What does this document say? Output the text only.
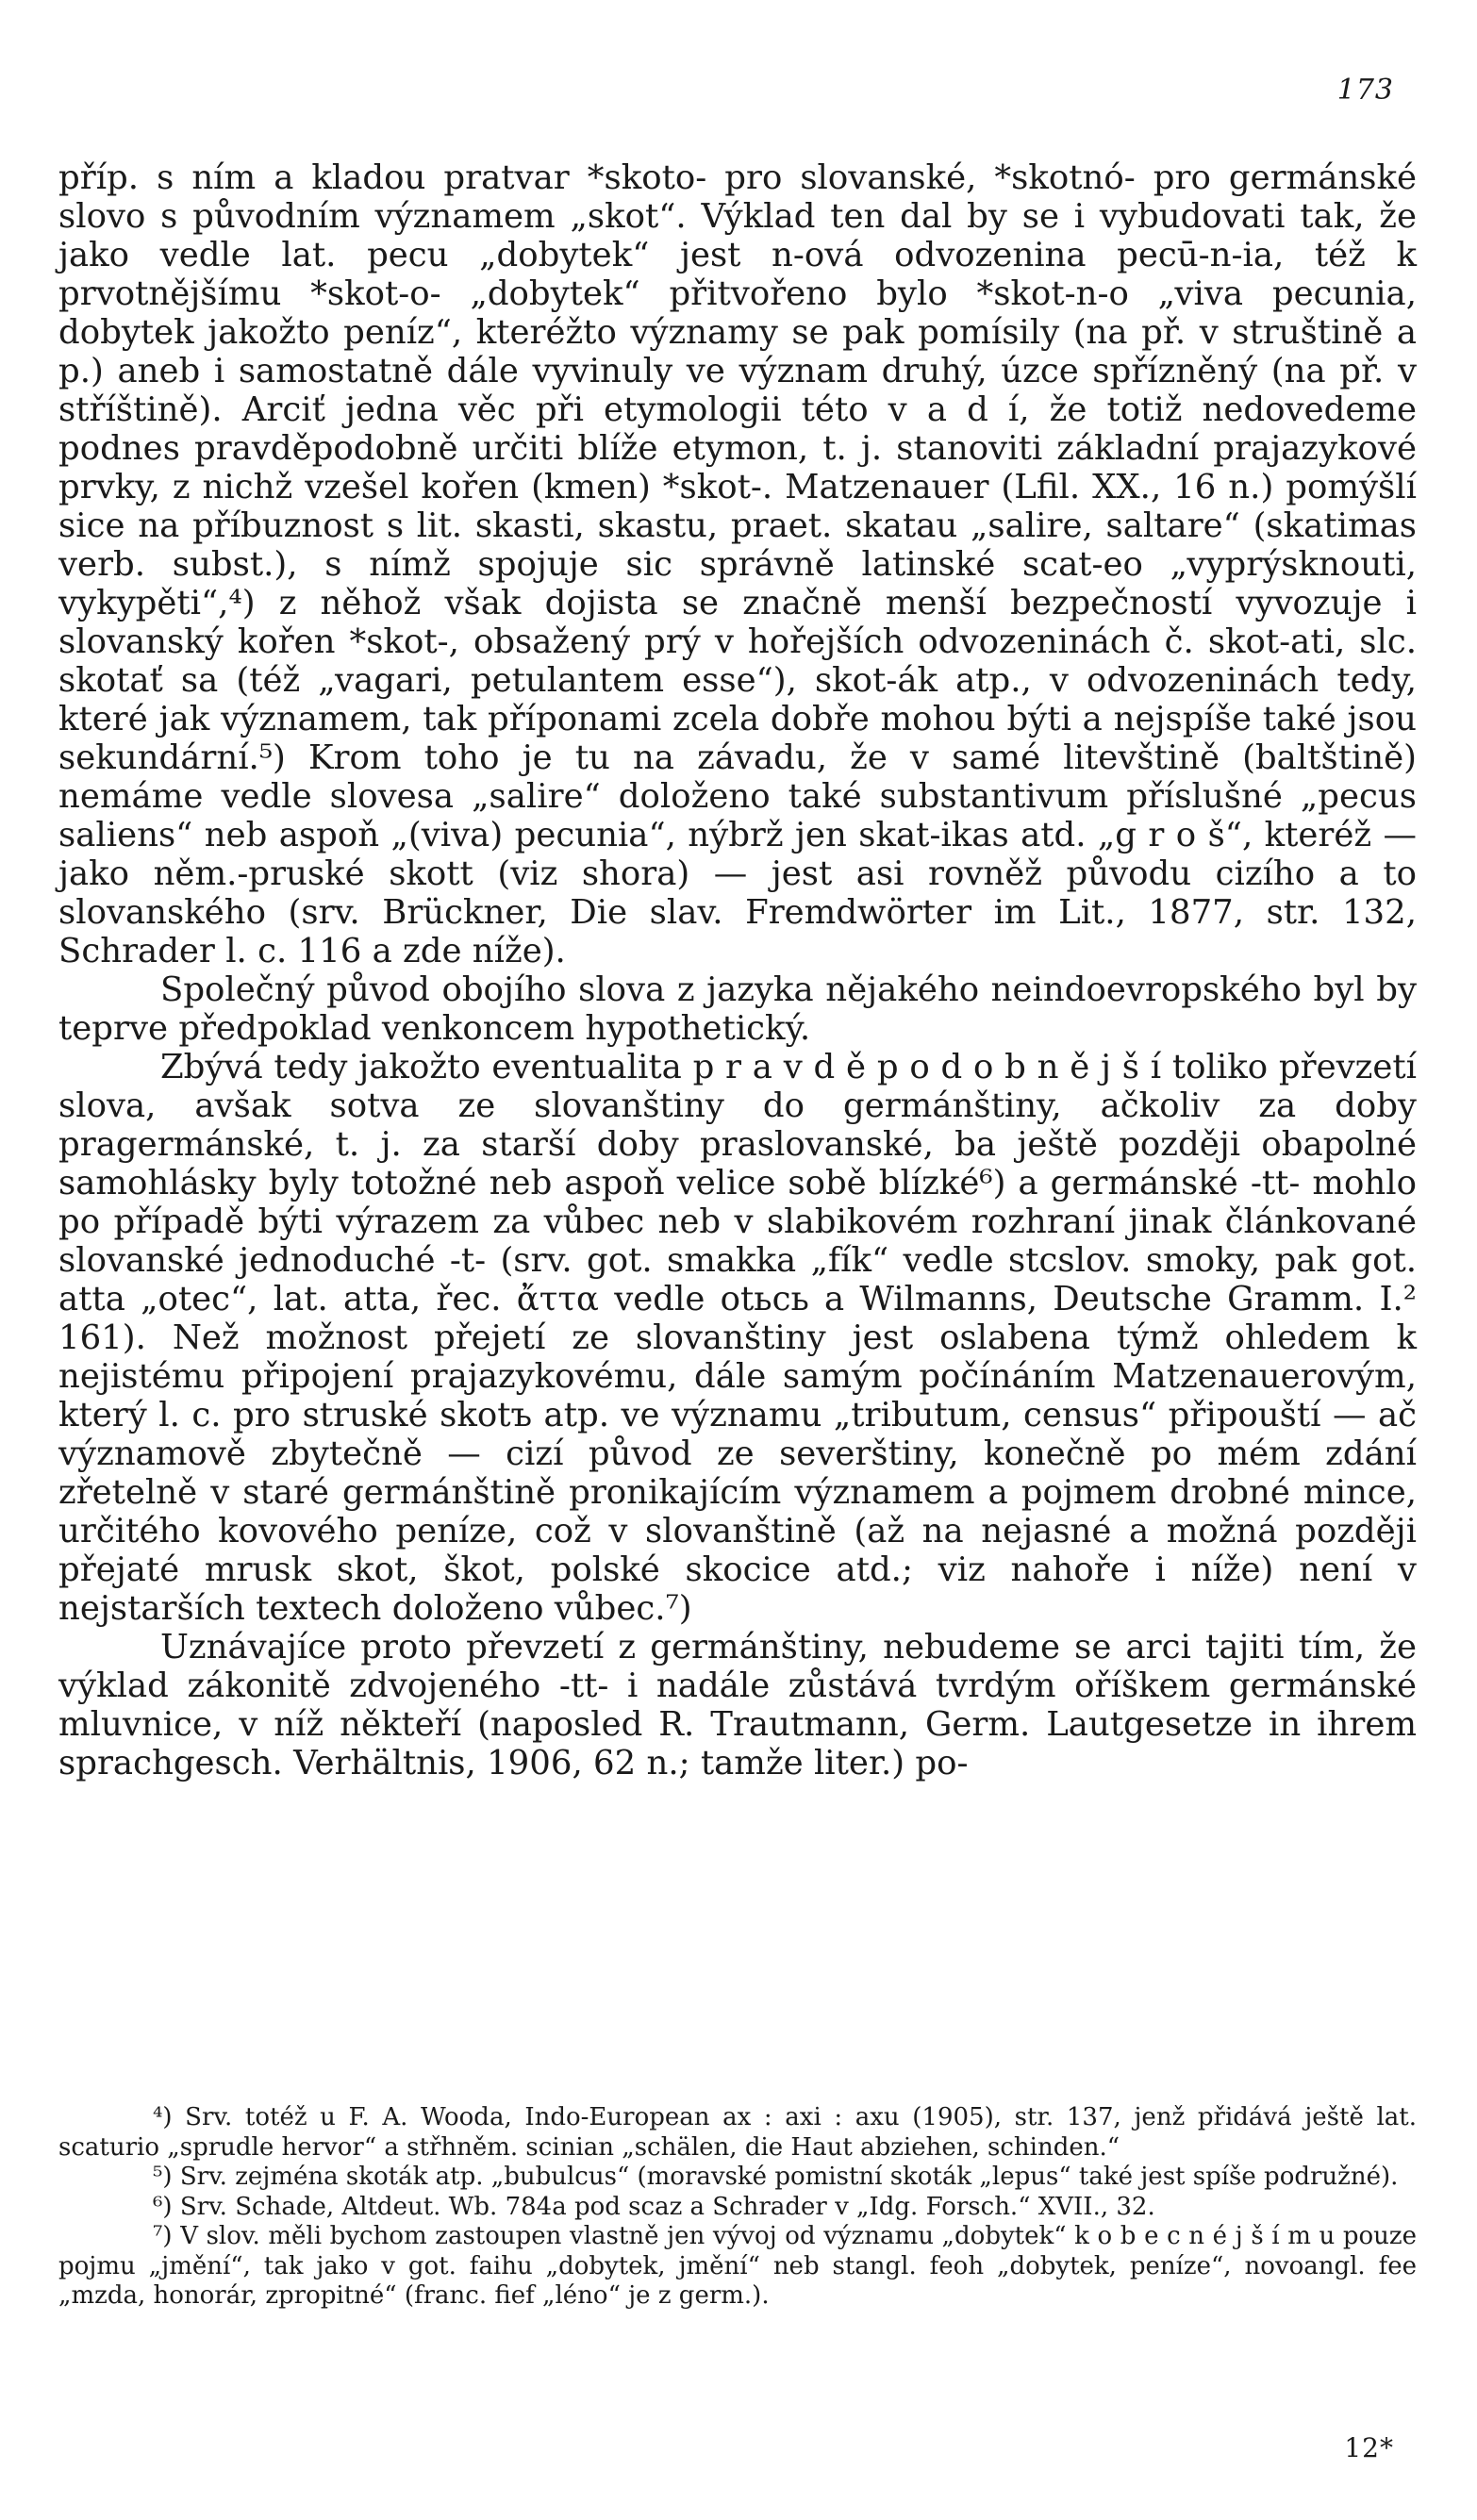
173

příp. s ním a kladou pratvar *skoto- pro slovanské, *skotnó- pro germánské slovo s původním významem „skot“. Výklad ten dal by se i vybudovati tak, že jako vedle lat. pecu „dobytek“ jest n-ová odvozenina pecū-n-ia, též k prvotnějšímu *skot-o- „dobytek“ přitvořeno bylo *skot-n-o „viva pecunia, dobytek jakožto peníz“, kteréžto významy se pak pomísily (na př. v struštině a p.) aneb i samostatně dále vyvinuly ve význam druhý, úzce spřízněný (na př. v stříštině). Arciť jedna věc při etymologii této v a d í, že totiž nedovedeme podnes pravděpodobně určiti blíže etymon, t. j. stanoviti základní prajazykové prvky, z nichž vzešel kořen (kmen) *skot-. Matzenauer (Lfil. XX., 16 n.) pomýšlí sice na příbuznost s lit. skasti, skastu, praet. skatau „salire, saltare“ (skatimas verb. subst.), s nímž spojuje sic správně latinské scat-eo „vyprýsknouti, vykypěti“,⁴) z něhož však dojista se značně menší bezpečností vyvozuje i slovanský kořen *skot-, obsažený prý v hořejších odvozeninách č. skot-ati, slc. skotať sa (též „vagari, petulantem esse“), skot-ák atp., v odvozeninách tedy, které jak významem, tak příponami zcela dobře mohou býti a nejspíše také jsou sekundární.⁵) Krom toho je tu na závadu, že v samé litevštině (baltštině) nemáme vedle slovesa „salire“ doloženo také substantivum příslušné „pecus saliens“ neb aspoň „(viva) pecunia“, nýbrž jen skat-ikas atd. „g r o š“, kteréž — jako něm.-pruské skott (viz shora) — jest asi rovněž původu cizího a to slovanského (srv. Brückner, Die slav. Fremdwörter im Lit., 1877, str. 132, Schrader l. c. 116 a zde níže).

Společný původ obojího slova z jazyka nějakého neindoevropského byl by teprve předpoklad venkoncem hypothetický.

Zbývá tedy jakožto eventualita p r a v d ě p o d o b n ě j š í toliko převzetí slova, avšak sotva ze slovanštiny do germánštiny, ačkoliv za doby pragermánské, t. j. za starší doby praslovanské, ba ještě později obapolné samohlásky byly totožné neb aspoň velice sobě blízké⁶) a germánské -tt- mohlo po případě býti výrazem za vůbec neb v slabikovém rozhraní jinak článkované slovanské jednoduché -t- (srv. got. smakka „fík“ vedle stcslov. smoky, pak got. atta „otec“, lat. atta, řec. ἄττα vedle otьcь a Wilmanns, Deutsche Gramm. I.² 161). Než možnost přejetí ze slovanštiny jest oslabena týmž ohledem k nejistému připojení prajazykovému, dále samým počínáním Matzenauerovým, který l. c. pro struské skotъ atp. ve významu „tributum, census“ připouští — ač významově zbytečně — cizí původ ze severštiny, konečně po mém zdání zřetelně v staré germánštině pronikajícím významem a pojmem drobné mince, určitého kovového peníze, což v slovanštině (až na nejasné a možná později přejaté mrusk skot, škot, polské skocice atd.; viz nahoře i níže) není v nejstarších textech doloženo vůbec.⁷)

Uznávajíce proto převzetí z germánštiny, nebudeme se arci tajiti tím, že výklad zákonitě zdvojeného -tt- i nadále zůstává tvrdým oříškem germánské mluvnice, v níž někteří (naposled R. Trautmann, Germ. Lautgesetze in ihrem sprachgesch. Verhältnis, 1906, 62 n.; tamže liter.) po-

⁴) Srv. totéž u F. A. Wooda, Indo-European ax : axi : axu (1905), str. 137, jenž přidává ještě lat. scaturio „sprudle hervor“ a střhněm. scinian „schälen, die Haut abziehen, schinden.“

⁵) Srv. zejména skoták atp. „bubulcus“ (moravské pomistní skoták „lepus“ také jest spíše podružné).

⁶) Srv. Schade, Altdeut. Wb. 784a pod scaz a Schrader v „Idg. Forsch.“ XVII., 32.

⁷) V slov. měli bychom zastoupen vlastně jen vývoj od významu „dobytek“ k o b e c n é j š í m u pouze pojmu „jmění“, tak jako v got. faihu „dobytek, jmění“ neb stangl. feoh „dobytek, peníze“, novoangl. fee „mzda, honorár, zpropitné“ (franc. fief „léno“ je z germ.).

12*
